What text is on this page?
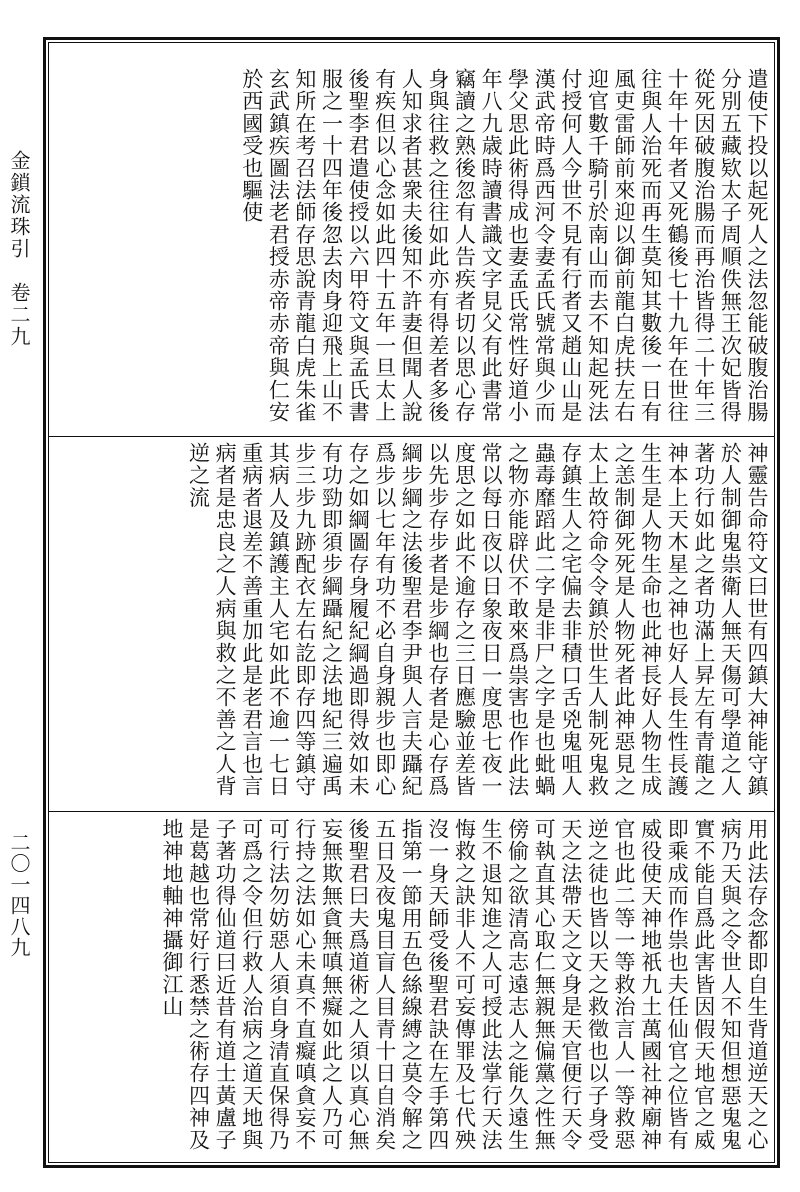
金鎖流珠引　卷二九
二〇一四八九
遣使下投以起死人之法忽能破腹治腸分別五藏欵太子周順佚無王次妃皆得從死因破腹治腸而再治皆得二十年三十年十年者又死鶴後七十九年在世往往與人治死而再生莫知其數後一日有風吏雷師前來迎以御前龍白虎扶左右迎官數千騎引於南山而去不知起死法付授何人今世不見有行者又趙山山是漢武帝時爲西河令妻孟氏號常與少而學父思此術得成也妻孟氏常性好道小年八九歳時讀書識文字見父有此書常竊讀之熟後忽有人告疾者切以思心存身與往救之往往如此亦有得差者多後人知求者甚衆夫後知不許妻但聞人說有疾但以心念如此四十五年一旦太上後聖李君遣使授以六甲符文與孟氏書服之一十四年後忽去肉身迎飛上山不知所在考召法師存思說青龍白虎朱雀玄武鎮疾圖法老君授赤帝赤帝與仁安於西國受也驅使
神靈告命符文曰世有四鎮大神能守鎮於人制御鬼祟衛人無天傷可學道之人著功行如此之者功滿上昇左有青龍之神本上天木星之神也好人長生性長護生生是人物生命也此神長好人物生成之恙制御死死是人物死者此神惡見之太上故符命令令鎮於世生人制死鬼救存鎮生人之宅偏去非積口舌兇鬼咀人蟲毒靡蹈此二字是非尸之字是也蚍蝸之物亦能辟伏不敢來爲祟害也作此法常以每日夜以日象夜日一度思七夜一度思之如此不逾存之三日應驗並差皆以先步存步者是步綱也存者是心存爲綱步綱之法後聖君李尹與人言夫躡紀爲步以七年有功不必自身親步也即心存之如綱圖存身履紀綱過即得效如未有功勁即須步綱躡紀之法地紀三遍禹步三步九跡配衣左右訖即存四等鎮守其病人及鎮護主人宅如此不逾一七日重病者退差不善重加此是老君言也言病者是忠良之人病與救之不善之人背逆之流
用此法存念都即自生背道逆天之心病乃天與之令世人不知但想惡鬼鬼實不能自爲此害皆因假天地官之威即乘成而作祟也夫任仙官之位皆有威役使天神地祇九土萬國社神廟神官也此二等一等救治言人一等救惡逆之徒也皆以天之救徵也以子身受天之法帶天之文身是天官便行天令可執直其心取仁無親無偏黨之性無傍偷之欲清高志遠志人之能久遠生生不退知進之人可授此法掌行天法悔救之訣非人不可妄傳罪及七代殃沒一身天師受後聖君訣在左手第四指第一節用五色絲線縛之莫令解之五日及夜鬼目盲人目青十日自消矣後聖君曰夫爲道術之人須以真心無妄無欺無貪無嗔無癡如此之人乃可行持之法如心未真不直癡嗔貪妄不可行法勿妨惡人須自身清直保得乃可爲之令但行救人治病之道天地與子著功得仙道曰近昔有道士黃盧子是葛越也常好行悉禁之術存四神及地神地軸神攝御江山
